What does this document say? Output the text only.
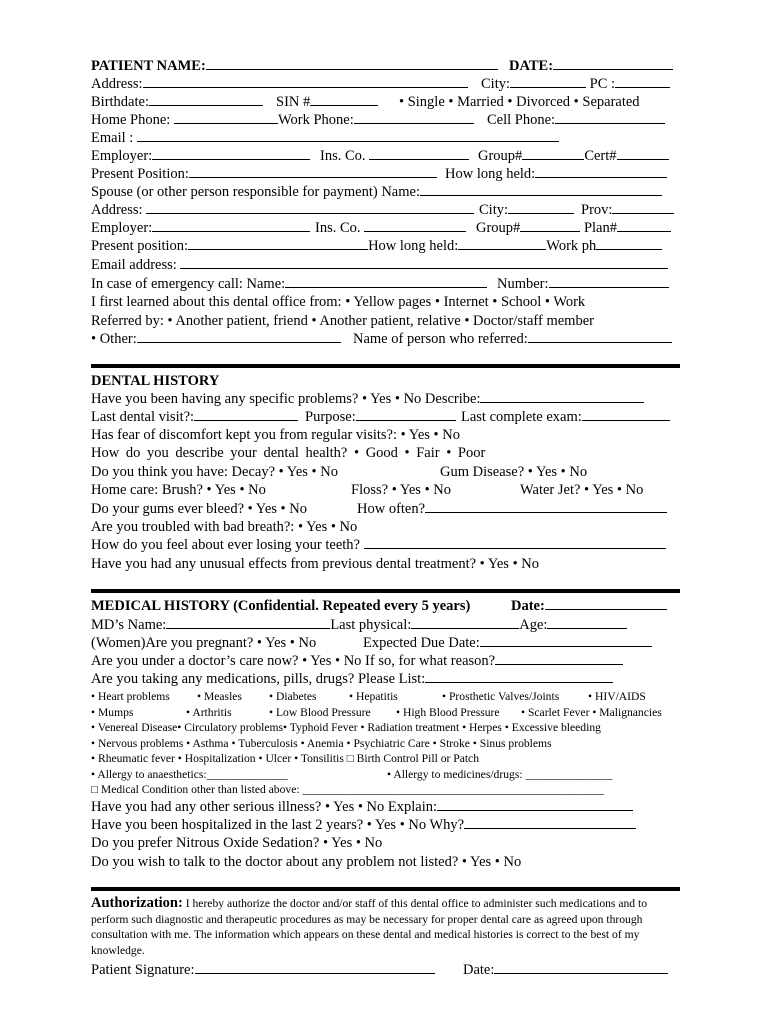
PATIENT NAME:	DATE:
Address:	City:	PC :
Birthdate:	SIN #	• Single • Married • Divorced • Separated
Home Phone:	Work Phone:	Cell Phone:
Email :
Employer:	Ins. Co.	Group#	Cert#
Present Position:	How long held:
Spouse (or other person responsible for payment) Name:
Address:	City:	Prov:
Employer:	Ins. Co.	Group#	Plan#
Present position:	How long held:	Work ph
Email address:
In case of emergency call: Name:	Number:
I first learned about this dental office from: • Yellow pages • Internet • School • Work
Referred by: • Another patient, friend • Another patient, relative • Doctor/staff member
• Other:	Name of person who referred:
DENTAL HISTORY
Have you been having any specific problems? • Yes • No Describe:
Last dental visit?:	Purpose:	Last complete exam:
Has fear of discomfort kept you from regular visits?: • Yes • No
How do you describe your dental health? • Good • Fair • Poor
Do you think you have: Decay? • Yes • No	Gum Disease? • Yes • No
Home care: Brush? • Yes • No	Floss? • Yes • No	Water Jet? • Yes • No
Do your gums ever bleed? • Yes • No	How often?
Are you troubled with bad breath?: • Yes • No
How do you feel about ever losing your teeth?
Have you had any unusual effects from previous dental treatment? • Yes • No
MEDICAL HISTORY (Confidential. Repeated every 5 years)	Date:
MD’s Name:	Last physical:	Age:
(Women)Are you pregnant? • Yes • No	Expected Due Date:
Are you under a doctor’s care now? • Yes • No If so, for what reason?
Are you taking any medications, pills, drugs? Please List:
• Heart problems • Measles • Diabetes	• Hepatitis	• Prosthetic Valves/Joints • HIV/AIDS
• Mumps	• Arthritis	• Low Blood Pressure • High Blood Pressure • Scarlet Fever • Malignancies
• Venereal Disease• Circulatory problems• Typhoid Fever • Radiation treatment • Herpes • Excessive bleeding
• Nervous problems • Asthma • Tuberculosis • Anemia • Psychiatric Care • Stroke • Sinus problems
• Rheumatic fever • Hospitalization • Ulcer • Tonsilitis □ Birth Control Pill or Patch
• Allergy to anaesthetics:______________	• Allergy to medicines/drugs: _______________
□ Medical Condition other than listed above: ____________________________________________________
Have you had any other serious illness? • Yes • No Explain:
Have you been hospitalized in the last 2 years? • Yes • No Why?
Do you prefer Nitrous Oxide Sedation? • Yes • No
Do you wish to talk to the doctor about any problem not listed? • Yes • No
Authorization: I hereby authorize the doctor and/or staff of this dental office to administer such medications and to perform such diagnostic and therapeutic procedures as may be necessary for proper dental care as agreed upon through consultation with me. The information which appears on these dental and medical histories is correct to the best of my knowledge.
Patient Signature:	Date:
